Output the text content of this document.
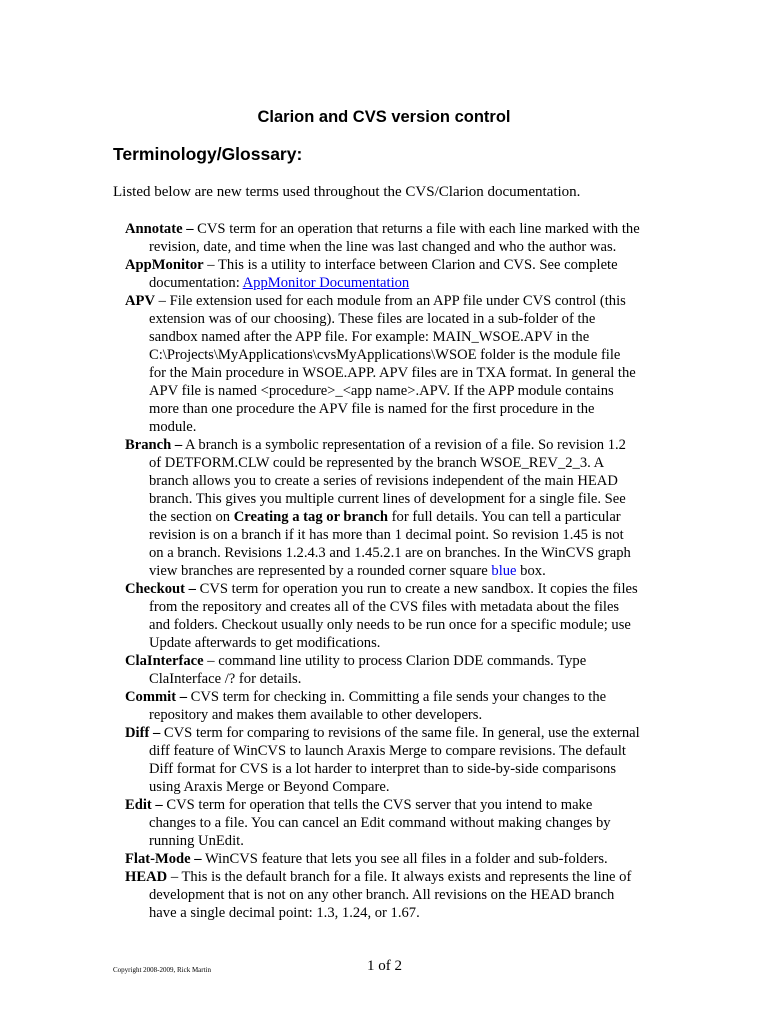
Clarion and CVS version control
Terminology/Glossary:
Listed below are new terms used throughout the CVS/Clarion documentation.

Annotate – CVS term for an operation that returns a file with each line marked with the revision, date, and time when the line was last changed and who the author was.

AppMonitor – This is a utility to interface between Clarion and CVS. See complete documentation: AppMonitor Documentation

APV – File extension used for each module from an APP file under CVS control (this extension was of our choosing). These files are located in a sub-folder of the sandbox named after the APP file. For example: MAIN_WSOE.APV in the C:\Projects\MyApplications\cvsMyApplications\WSOE folder is the module file for the Main procedure in WSOE.APP. APV files are in TXA format. In general the APV file is named <procedure>_<app name>.APV. If the APP module contains more than one procedure the APV file is named for the first procedure in the module.

Branch – A branch is a symbolic representation of a revision of a file. So revision 1.2 of DETFORM.CLW could be represented by the branch WSOE_REV_2_3. A branch allows you to create a series of revisions independent of the main HEAD branch. This gives you multiple current lines of development for a single file. See the section on Creating a tag or branch for full details. You can tell a particular revision is on a branch if it has more than 1 decimal point. So revision 1.45 is not on a branch. Revisions 1.2.4.3 and 1.45.2.1 are on branches. In the WinCVS graph view branches are represented by a rounded corner square blue box.

Checkout – CVS term for operation you run to create a new sandbox. It copies the files from the repository and creates all of the CVS files with metadata about the files and folders. Checkout usually only needs to be run once for a specific module; use Update afterwards to get modifications.

ClaInterface – command line utility to process Clarion DDE commands. Type ClaInterface /? for details.

Commit – CVS term for checking in. Committing a file sends your changes to the repository and makes them available to other developers.

Diff – CVS term for comparing to revisions of the same file. In general, use the external diff feature of WinCVS to launch Araxis Merge to compare revisions. The default Diff format for CVS is a lot harder to interpret than to side-by-side comparisons using Araxis Merge or Beyond Compare.

Edit – CVS term for operation that tells the CVS server that you intend to make changes to a file. You can cancel an Edit command without making changes by running UnEdit.

Flat-Mode – WinCVS feature that lets you see all files in a folder and sub-folders.

HEAD – This is the default branch for a file. It always exists and represents the line of development that is not on any other branch. All revisions on the HEAD branch have a single decimal point: 1.3, 1.24, or 1.67.

Copyright 2008-2009, Rick Martin	1 of 2
